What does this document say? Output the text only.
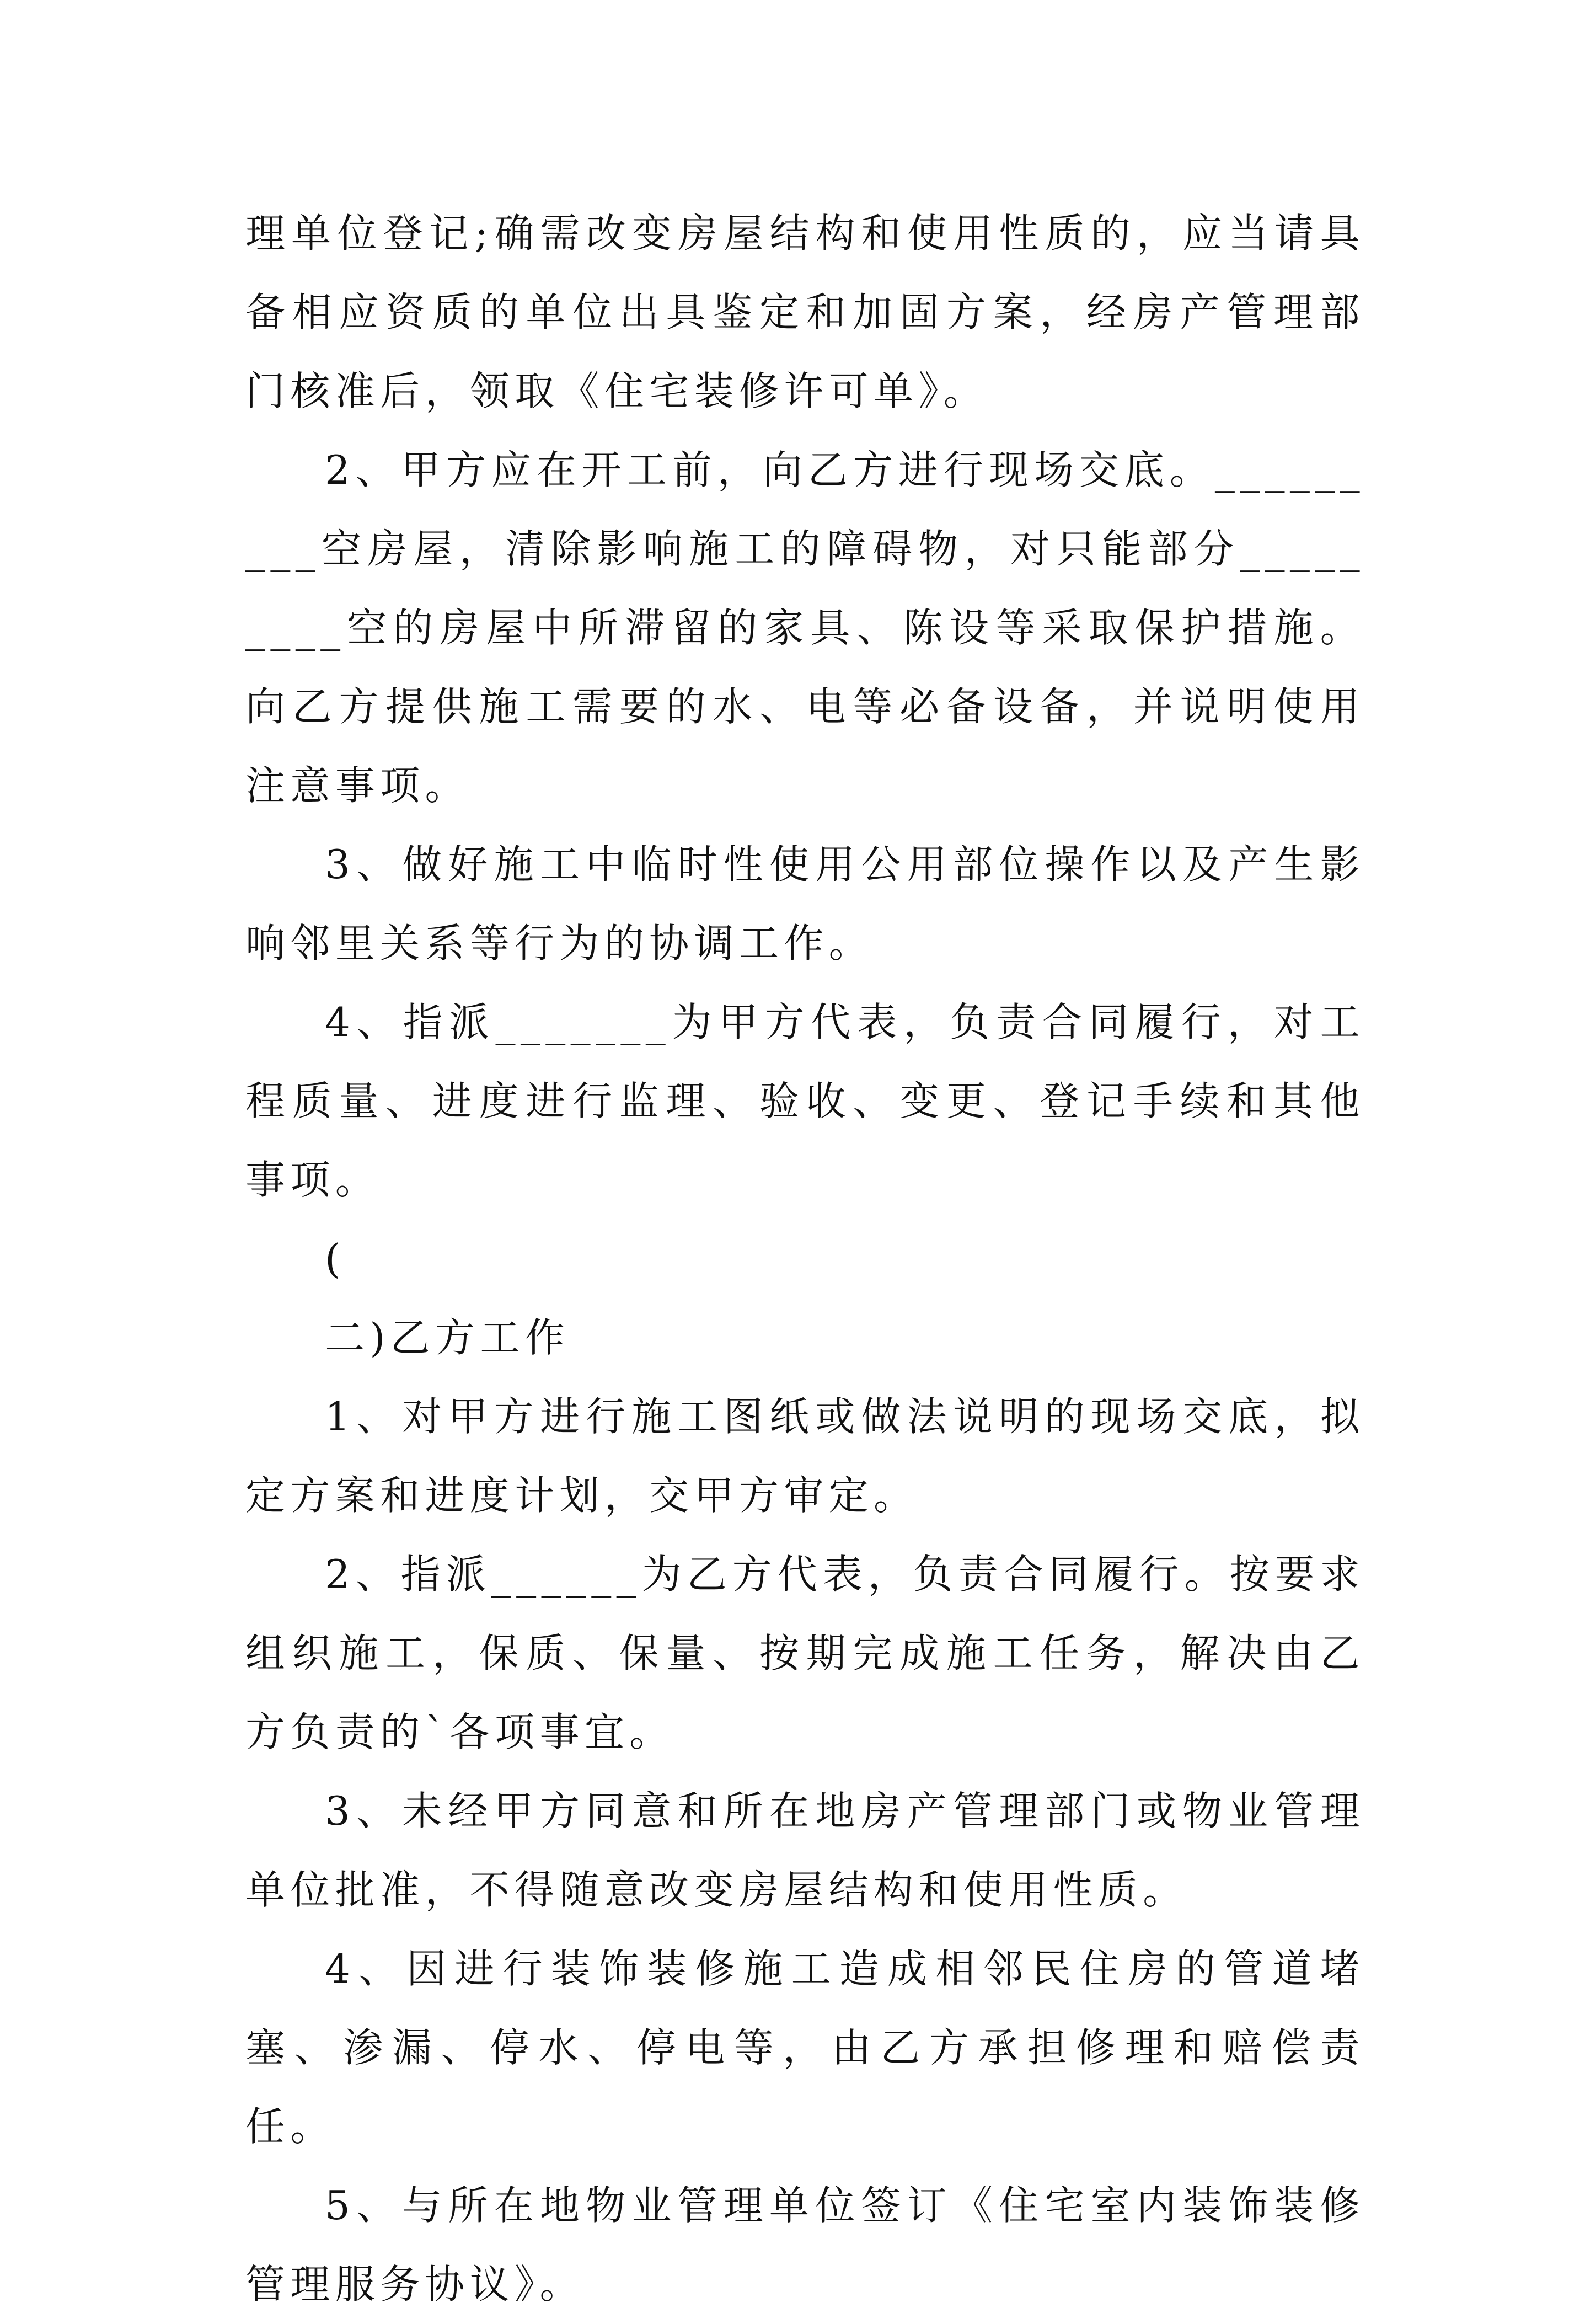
理单位登记;确需改变房屋结构和使用性质的，应当请具备相应资质的单位出具鉴定和加固方案，经房产管理部门核准后，领取《住宅装修许可单》。

2、甲方应在开工前，向乙方进行现场交底。_________空房屋，清除影响施工的障碍物，对只能部分_________空的房屋中所滞留的家具、陈设等采取保护措施。向乙方提供施工需要的水、电等必备设备，并说明使用注意事项。

3、做好施工中临时性使用公用部位操作以及产生影响邻里关系等行为的协调工作。

4、指派_______为甲方代表，负责合同履行，对工程质量、进度进行监理、验收、变更、登记手续和其他事项。

(

二)乙方工作

1、对甲方进行施工图纸或做法说明的现场交底，拟定方案和进度计划，交甲方审定。

2、指派______为乙方代表，负责合同履行。按要求组织施工，保质、保量、按期完成施工任务，解决由乙方负责的`各项事宜。

3、未经甲方同意和所在地房产管理部门或物业管理单位批准，不得随意改变房屋结构和使用性质。

4、因进行装饰装修施工造成相邻民住房的管道堵塞、渗漏、停水、停电等，由乙方承担修理和赔偿责任。

5、与所在地物业管理单位签订《住宅室内装饰装修管理服务协议》。
